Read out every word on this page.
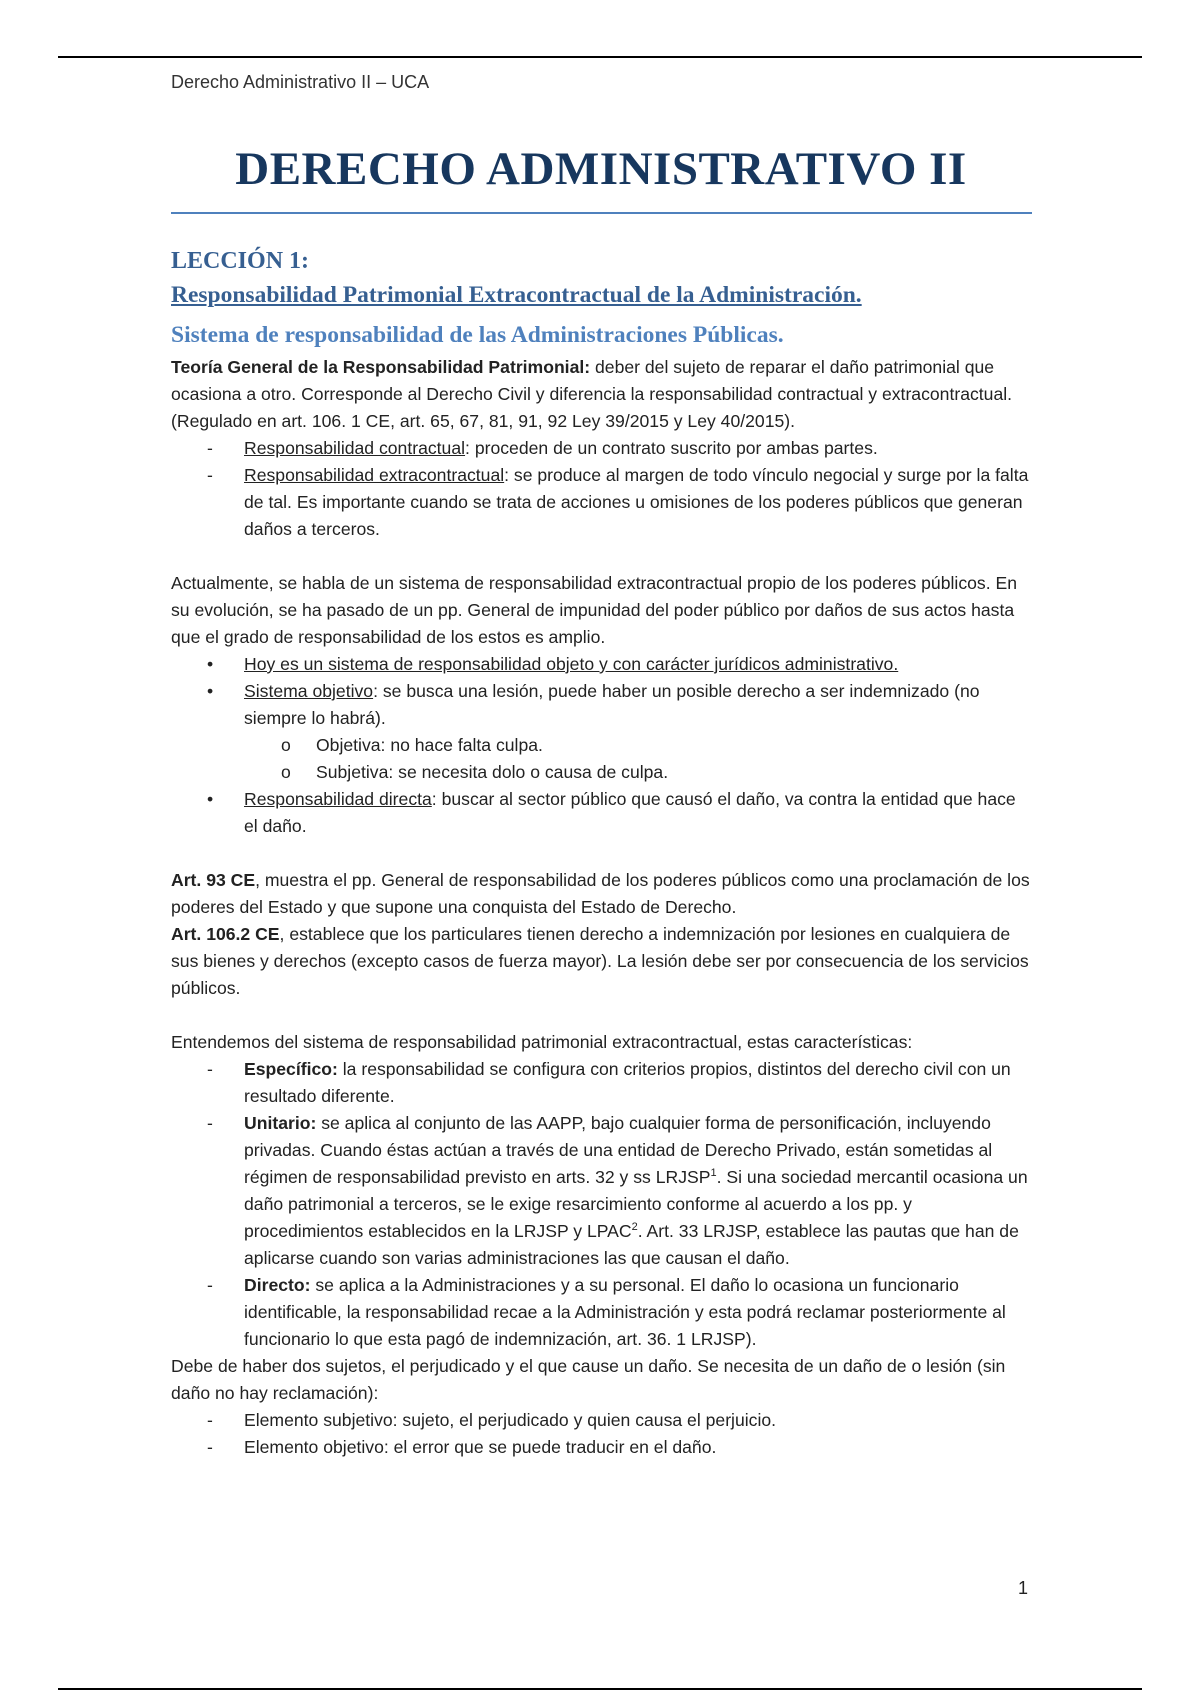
Derecho Administrativo II – UCA
DERECHO ADMINISTRATIVO II
LECCIÓN 1:
Responsabilidad Patrimonial Extracontractual de la Administración.
Sistema de responsabilidad de las Administraciones Públicas.

Teoría General de la Responsabilidad Patrimonial: deber del sujeto de reparar el daño patrimonial que ocasiona a otro. Corresponde al Derecho Civil y diferencia la responsabilidad contractual y extracontractual. (Regulado en art. 106. 1 CE, art. 65, 67, 81, 91, 92 Ley 39/2015 y Ley 40/2015).

- Responsabilidad contractual: proceden de un contrato suscrito por ambas partes.
- Responsabilidad extracontractual: se produce al margen de todo vínculo negocial y surge por la falta de tal. Es importante cuando se trata de acciones u omisiones de los poderes públicos que generan daños a terceros.

Actualmente, se habla de un sistema de responsabilidad extracontractual propio de los poderes públicos. En su evolución, se ha pasado de un pp. General de impunidad del poder público por daños de sus actos hasta que el grado de responsabilidad de los estos es amplio.

• Hoy es un sistema de responsabilidad objeto y con carácter jurídicos administrativo.
• Sistema objetivo: se busca una lesión, puede haber un posible derecho a ser indemnizado (no siempre lo habrá).
o Objetiva: no hace falta culpa.
o Subjetiva: se necesita dolo o causa de culpa.
• Responsabilidad directa: buscar al sector público que causó el daño, va contra la entidad que hace el daño.

Art. 93 CE, muestra el pp. General de responsabilidad de los poderes públicos como una proclamación de los poderes del Estado y que supone una conquista del Estado de Derecho.
Art. 106.2 CE, establece que los particulares tienen derecho a indemnización por lesiones en cualquiera de sus bienes y derechos (excepto casos de fuerza mayor). La lesión debe ser por consecuencia de los servicios públicos.

Entendemos del sistema de responsabilidad patrimonial extracontractual, estas características:

- Específico: la responsabilidad se configura con criterios propios, distintos del derecho civil con un resultado diferente.
- Unitario: se aplica al conjunto de las AAPP, bajo cualquier forma de personificación, incluyendo privadas. Cuando éstas actúan a través de una entidad de Derecho Privado, están sometidas al régimen de responsabilidad previsto en arts. 32 y ss LRJSP$^1$. Si una sociedad mercantil ocasiona un daño patrimonial a terceros, se le exige resarcimiento conforme al acuerdo a los pp. y procedimientos establecidos en la LRJSP y LPAC$^2$. Art. 33 LRJSP, establece las pautas que han de aplicarse cuando son varias administraciones las que causan el daño.
- Directo: se aplica a la Administraciones y a su personal. El daño lo ocasiona un funcionario identificable, la responsabilidad recae a la Administración y esta podrá reclamar posteriormente al funcionario lo que esta pagó de indemnización, art. 36. 1 LRJSP).

Debe de haber dos sujetos, el perjudicado y el que cause un daño. Se necesita de un daño de o lesión (sin daño no hay reclamación):

- Elemento subjetivo: sujeto, el perjudicado y quien causa el perjuicio.
- Elemento objetivo: el error que se puede traducir en el daño.
1
